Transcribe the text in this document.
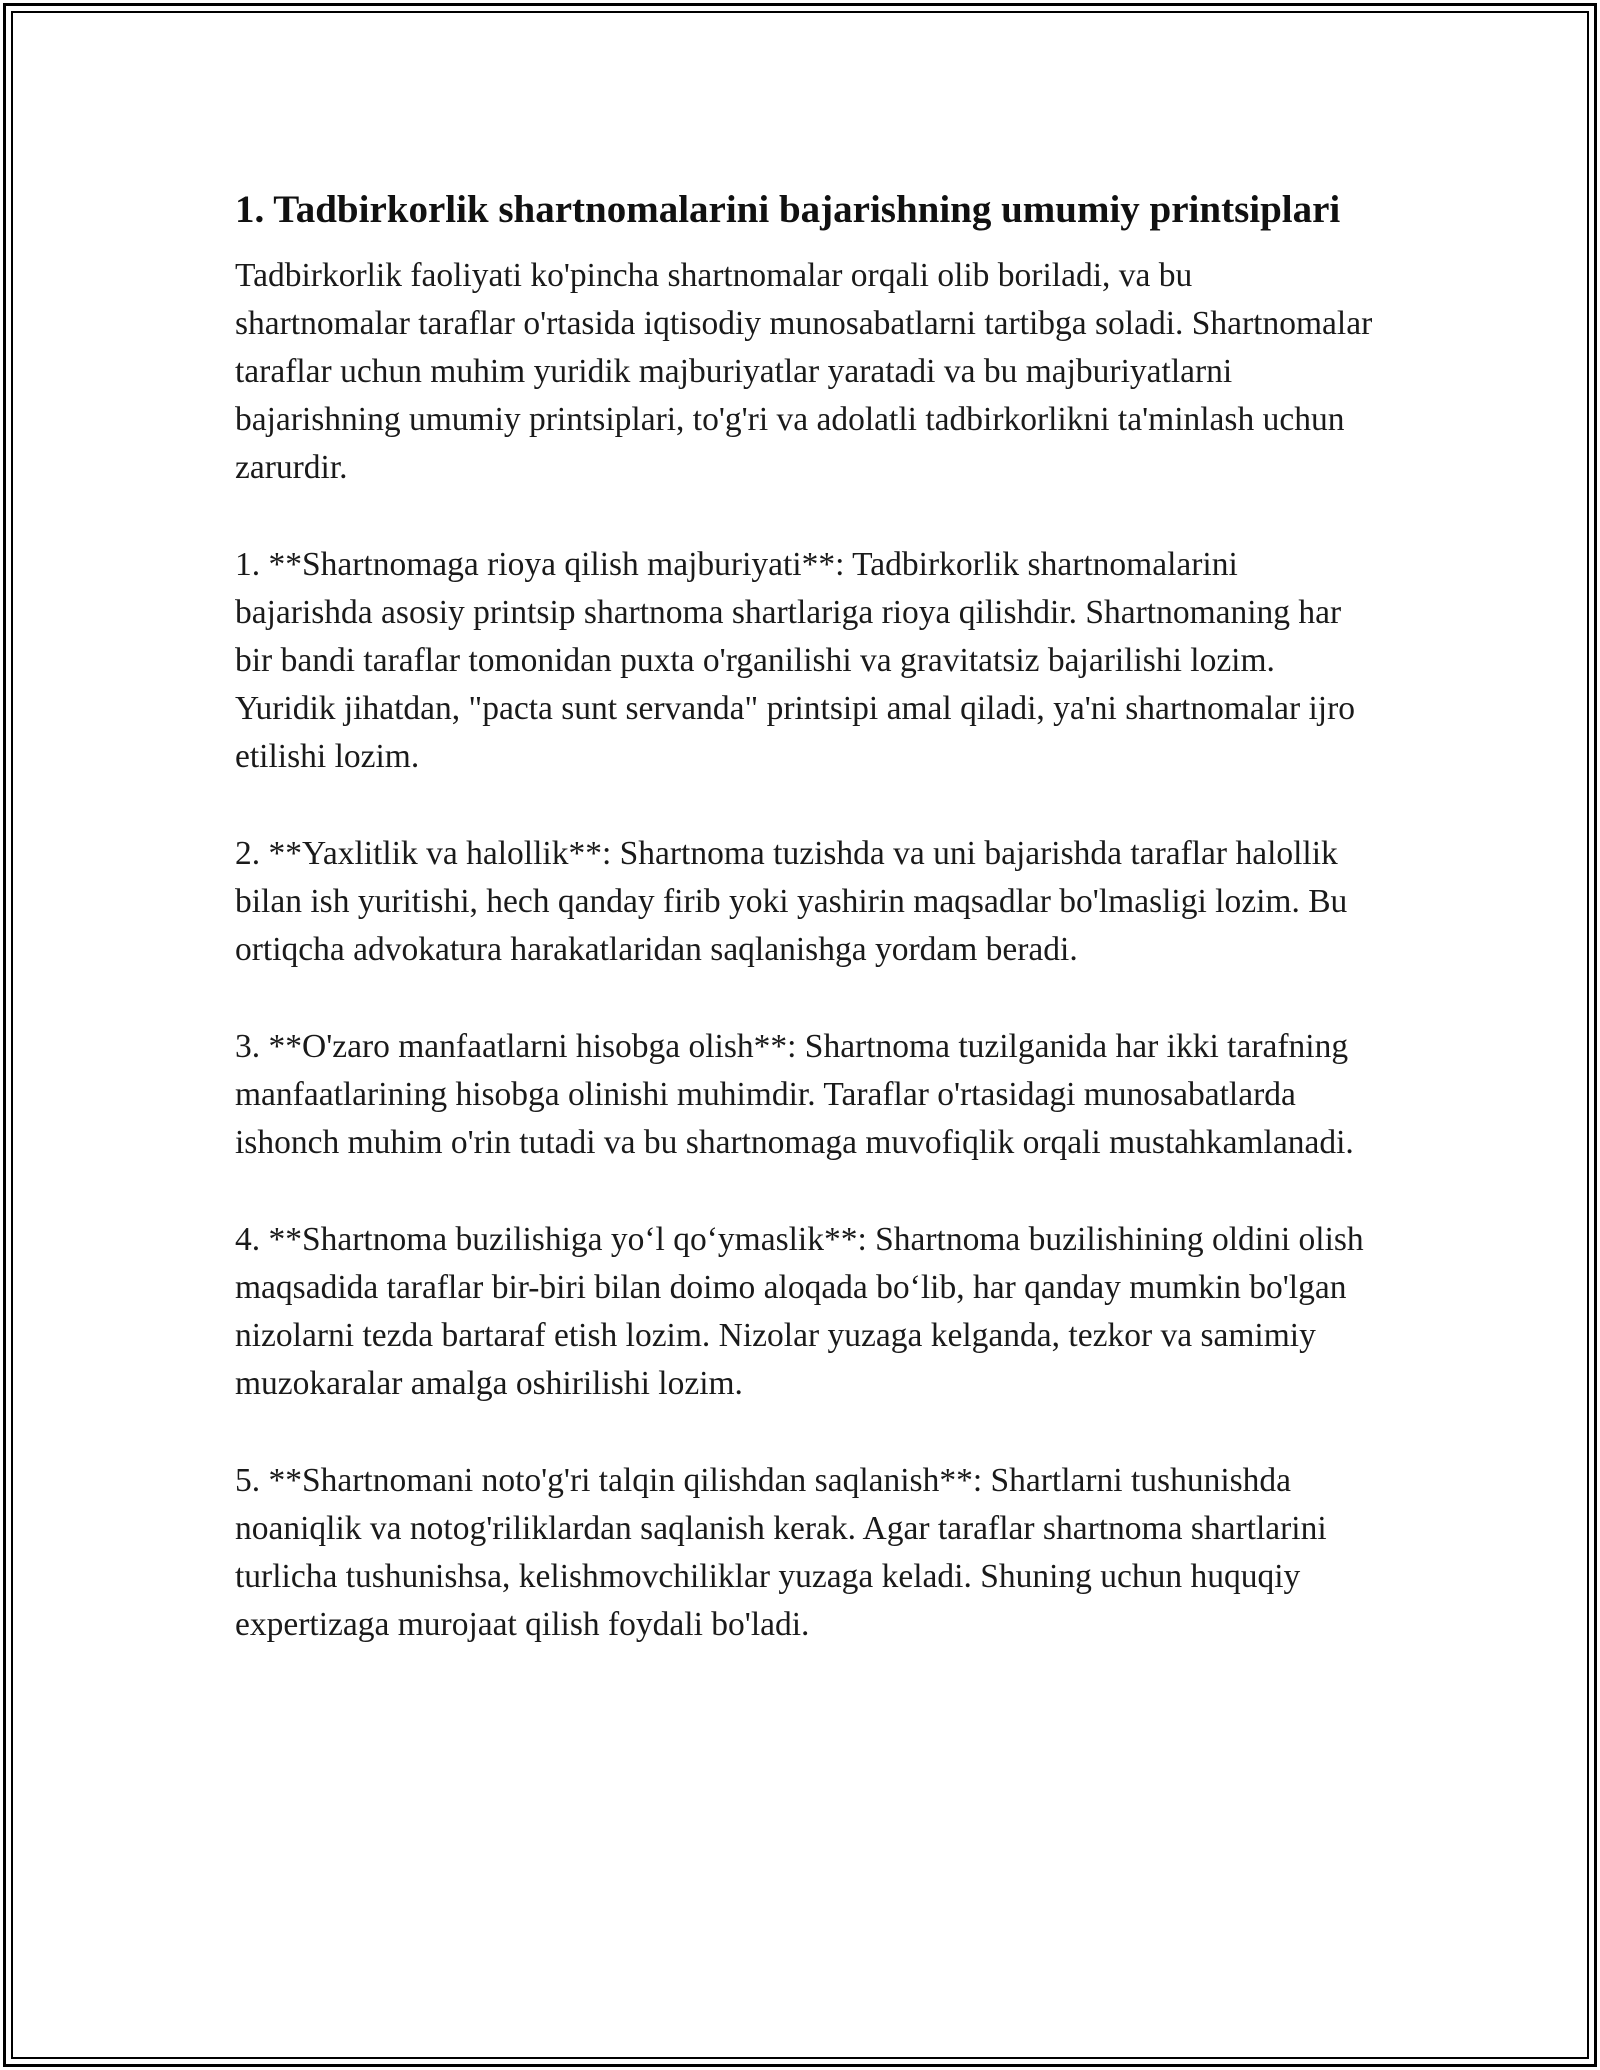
1. Tadbirkorlik shartnomalarini bajarishning umumiy printsiplari

Tadbirkorlik faoliyati ko'pincha shartnomalar orqali olib boriladi, va bu shartnomalar taraflar o'rtasida iqtisodiy munosabatlarni tartibga soladi. Shartnomalar taraflar uchun muhim yuridik majburiyatlar yaratadi va bu majburiyatlarni bajarishning umumiy printsiplari, to'g'ri va adolatli tadbirkorlikni ta'minlash uchun zarurdir.

1. **Shartnomaga rioya qilish majburiyati**: Tadbirkorlik shartnomalarini bajarishda asosiy printsip shartnoma shartlariga rioya qilishdir. Shartnomaning har bir bandi taraflar tomonidan puxta o'rganilishi va gravitatsiz bajarilishi lozim. Yuridik jihatdan, "pacta sunt servanda" printsipi amal qiladi, ya'ni shartnomalar ijro etilishi lozim.

2. **Yaxlitlik va halollik**: Shartnoma tuzishda va uni bajarishda taraflar halollik bilan ish yuritishi, hech qanday firib yoki yashirin maqsadlar bo'lmasligi lozim. Bu ortiqcha advokatura harakatlaridan saqlanishga yordam beradi.

3. **O'zaro manfaatlarni hisobga olish**: Shartnoma tuzilganida har ikki tarafning manfaatlarining hisobga olinishi muhimdir. Taraflar o'rtasidagi munosabatlarda ishonch muhim o'rin tutadi va bu shartnomaga muvofiqlik orqali mustahkamlanadi.

4. **Shartnoma buzilishiga yo‘l qo‘ymaslik**: Shartnoma buzilishining oldini olish maqsadida taraflar bir-biri bilan doimo aloqada bo‘lib, har qanday mumkin bo'lgan nizolarni tezda bartaraf etish lozim. Nizolar yuzaga kelganda, tezkor va samimiy muzokaralar amalga oshirilishi lozim.

5. **Shartnomani noto'g'ri talqin qilishdan saqlanish**: Shartlarni tushunishda noaniqlik va notog'riliklardan saqlanish kerak. Agar taraflar shartnoma shartlarini turlicha tushunishsa, kelishmovchiliklar yuzaga keladi. Shuning uchun huquqiy expertizaga murojaat qilish foydali bo'ladi.
